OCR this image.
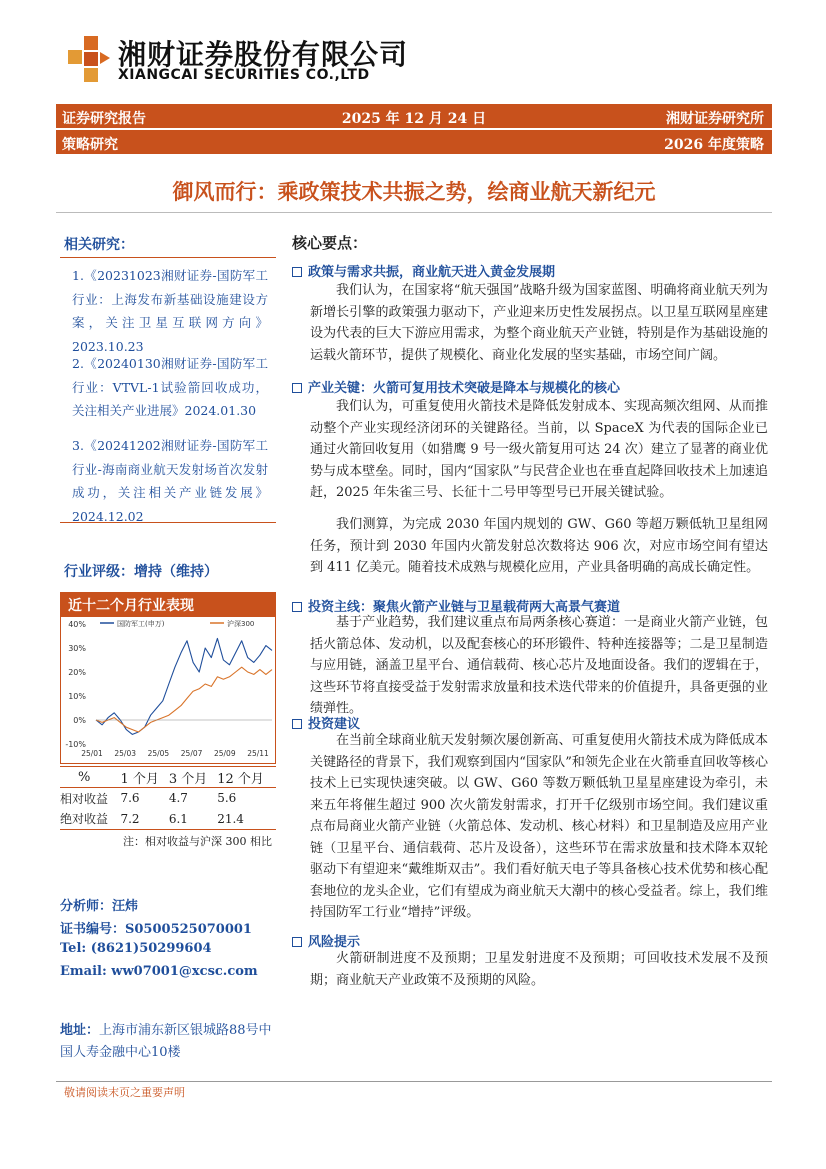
湘财证券股份有限公司
XIANGCAI SECURITIES CO.,LTD
证券研究报告	2025 年 12 月 24 日	湘财证券研究所
策略研究	2026 年度策略
御风而行：乘政策技术共振之势，绘商业航天新纪元
相关研究：
1.《20231023湘财证券-国防军工行业：上海发布新基础设施建设方案，关注卫星互联网方向》2023.10.23
2.《20240130湘财证券-国防军工行业：VTVL-1试验箭回收成功，关注相关产业进展》2024.01.30
3.《20241202湘财证券-国防军工行业-海南商业航天发射场首次发射成功，关注相关产业链发展》2024.12.02
行业评级：增持（维持）
近十二个月行业表现
40%
30%
20%
10%
0%
-10%
25/01 25/03 25/05 25/07 25/09 25/11
国防军工(申万)	沪深300
%	1 个月	3 个月	12 个月
相对收益	7.6	4.7	5.6
绝对收益	7.2	6.1	21.4
注：相对收益与沪深 300 相比
分析师：汪炜
证书编号：S0500525070001
Tel: (8621)50299604
Email: ww07001@xcsc.com
地址：上海市浦东新区银城路88号中国人寿金融中心10楼
核心要点：
政策与需求共振，商业航天进入黄金发展期
我们认为，在国家将“航天强国”战略升级为国家蓝图、明确将商业航天列为新增长引擎的政策强力驱动下，产业迎来历史性发展拐点。以卫星互联网星座建设为代表的巨大下游应用需求，为整个商业航天产业链，特别是作为基础设施的运载火箭环节，提供了规模化、商业化发展的坚实基础，市场空间广阔。
产业关键：火箭可复用技术突破是降本与规模化的核心
我们认为，可重复使用火箭技术是降低发射成本、实现高频次组网、从而推动整个产业实现经济闭环的关键路径。当前，以 SpaceX 为代表的国际企业已通过火箭回收复用（如猎鹰 9 号一级火箭复用可达 24 次）建立了显著的商业优势与成本壁垒。同时，国内“国家队”与民营企业也在垂直起降回收技术上加速追赶，2025 年朱雀三号、长征十二号甲等型号已开展关键试验。
我们测算，为完成 2030 年国内规划的 GW、G60 等超万颗低轨卫星组网任务，预计到 2030 年国内火箭发射总次数将达 906 次，对应市场空间有望达到 411 亿美元。随着技术成熟与规模化应用，产业具备明确的高成长确定性。
投资主线：聚焦火箭产业链与卫星载荷两大高景气赛道
基于产业趋势，我们建议重点布局两条核心赛道：一是商业火箭产业链，包括火箭总体、发动机，以及配套核心的环形锻件、特种连接器等；二是卫星制造与应用链，涵盖卫星平台、通信载荷、核心芯片及地面设备。我们的逻辑在于，这些环节将直接受益于发射需求放量和技术迭代带来的价值提升，具备更强的业绩弹性。
投资建议
在当前全球商业航天发射频次屡创新高、可重复使用火箭技术成为降低成本关键路径的背景下，我们观察到国内“国家队”和领先企业在火箭垂直回收等核心技术上已实现快速突破。以 GW、G60 等数万颗低轨卫星星座建设为牵引，未来五年将催生超过 900 次火箭发射需求，打开千亿级别市场空间。我们建议重点布局商业火箭产业链（火箭总体、发动机、核心材料）和卫星制造及应用产业链（卫星平台、通信载荷、芯片及设备），这些环节在需求放量和技术降本双轮驱动下有望迎来“戴维斯双击”。我们看好航天电子等具备核心技术优势和核心配套地位的龙头企业，它们有望成为商业航天大潮中的核心受益者。综上，我们维持国防军工行业“增持”评级。
风险提示
火箭研制进度不及预期；卫星发射进度不及预期；可回收技术发展不及预期；商业航天产业政策不及预期的风险。
敬请阅读末页之重要声明
